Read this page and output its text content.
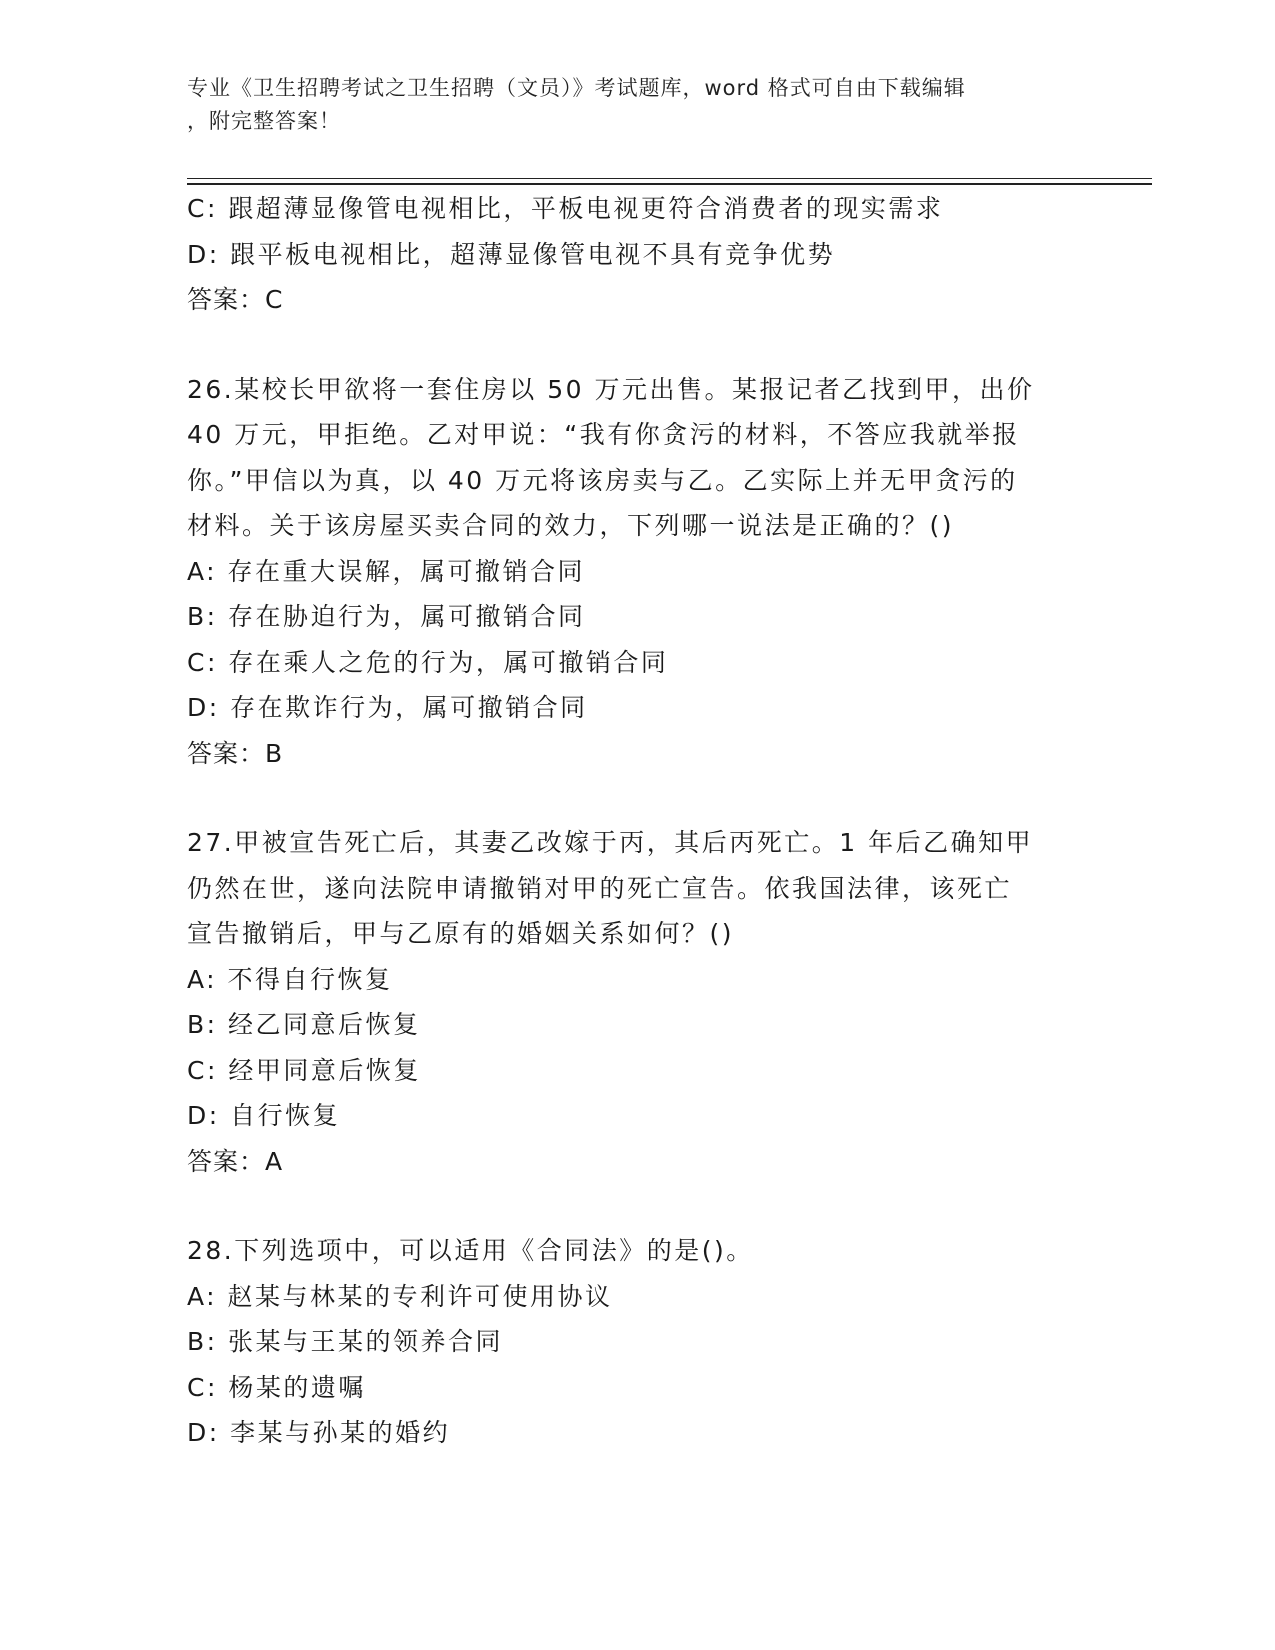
专业《卫生招聘考试之卫生招聘（文员）》考试题库，word 格式可自由下载编辑
，附完整答案！
C: 跟超薄显像管电视相比，平板电视更符合消费者的现实需求
D: 跟平板电视相比，超薄显像管电视不具有竞争优势
答案：C
26.某校长甲欲将一套住房以 50 万元出售。某报记者乙找到甲，出价
40 万元，甲拒绝。乙对甲说：“我有你贪污的材料，不答应我就举报
你。”甲信以为真，以 40 万元将该房卖与乙。乙实际上并无甲贪污的
材料。关于该房屋买卖合同的效力，下列哪一说法是正确的？()
A: 存在重大误解，属可撤销合同
B: 存在胁迫行为，属可撤销合同
C: 存在乘人之危的行为，属可撤销合同
D: 存在欺诈行为，属可撤销合同
答案：B
27.甲被宣告死亡后，其妻乙改嫁于丙，其后丙死亡。1 年后乙确知甲
仍然在世，遂向法院申请撤销对甲的死亡宣告。依我国法律，该死亡
宣告撤销后，甲与乙原有的婚姻关系如何？()
A: 不得自行恢复
B: 经乙同意后恢复
C: 经甲同意后恢复
D: 自行恢复
答案：A
28.下列选项中，可以适用《合同法》的是()。
A: 赵某与林某的专利许可使用协议
B: 张某与王某的领养合同
C: 杨某的遗嘱
D: 李某与孙某的婚约
